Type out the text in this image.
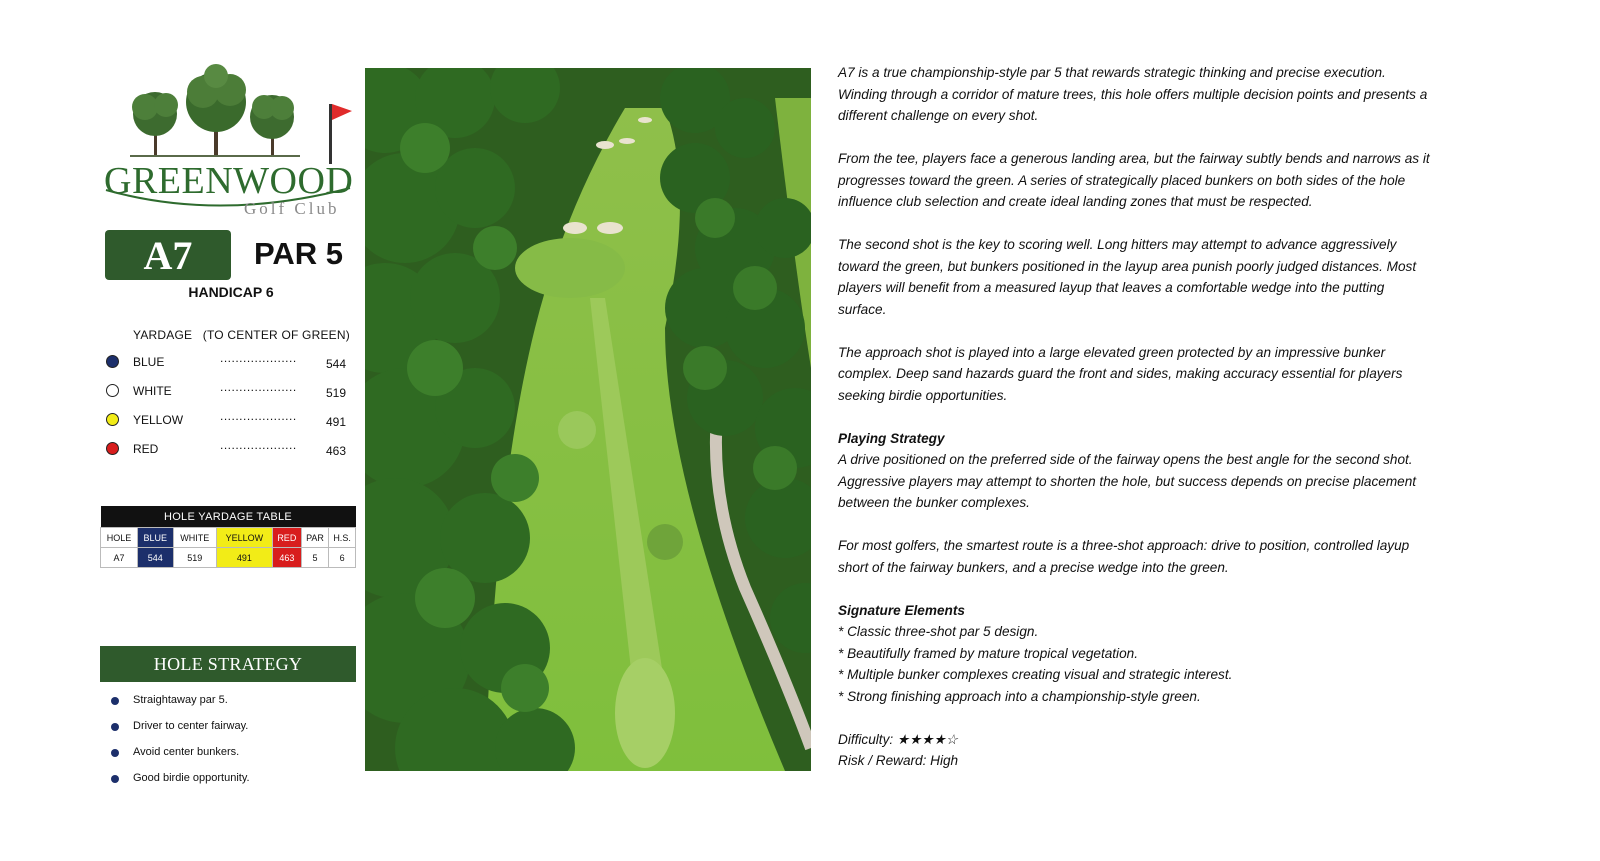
GREENWOOD
Golf Club
A7	PAR 5
HANDICAP 6
YARDAGE   (TO CENTER OF GREEN)
BLUE	.................... 544
WHITE	.................... 519
YELLOW	.................... 491
RED	.................... 463
HOLE YARDAGE TABLE						
HOLE	BLUE	WHITE	YELLOW	RED	PAR	H.S.
A7	544	519	491	463	5	6
HOLE STRATEGY
Straightaway par 5.
Driver to center fairway.
Avoid center bunkers.
Good birdie opportunity.

A7 is a true championship-style par 5 that rewards strategic thinking and precise execution.
Winding through a corridor of mature trees, this hole offers multiple decision points and presents a
different challenge on every shot.

From the tee, players face a generous landing area, but the fairway subtly bends and narrows as it
progresses toward the green. A series of strategically placed bunkers on both sides of the hole
influence club selection and create ideal landing zones that must be respected.

The second shot is the key to scoring well. Long hitters may attempt to advance aggressively
toward the green, but bunkers positioned in the layup area punish poorly judged distances. Most
players will benefit from a measured layup that leaves a comfortable wedge into the putting
surface.

The approach shot is played into a large elevated green protected by an impressive bunker
complex. Deep sand hazards guard the front and sides, making accuracy essential for players
seeking birdie opportunities.

Playing Strategy
A drive positioned on the preferred side of the fairway opens the best angle for the second shot.
Aggressive players may attempt to shorten the hole, but success depends on precise placement
between the bunker complexes.

For most golfers, the smartest route is a three-shot approach: drive to position, controlled layup
short of the fairway bunkers, and a precise wedge into the green.

Signature Elements
* Classic three-shot par 5 design.
* Beautifully framed by mature tropical vegetation.
* Multiple bunker complexes creating visual and strategic interest.
* Strong finishing approach into a championship-style green.

Difficulty: ★★★★☆
Risk / Reward: High
